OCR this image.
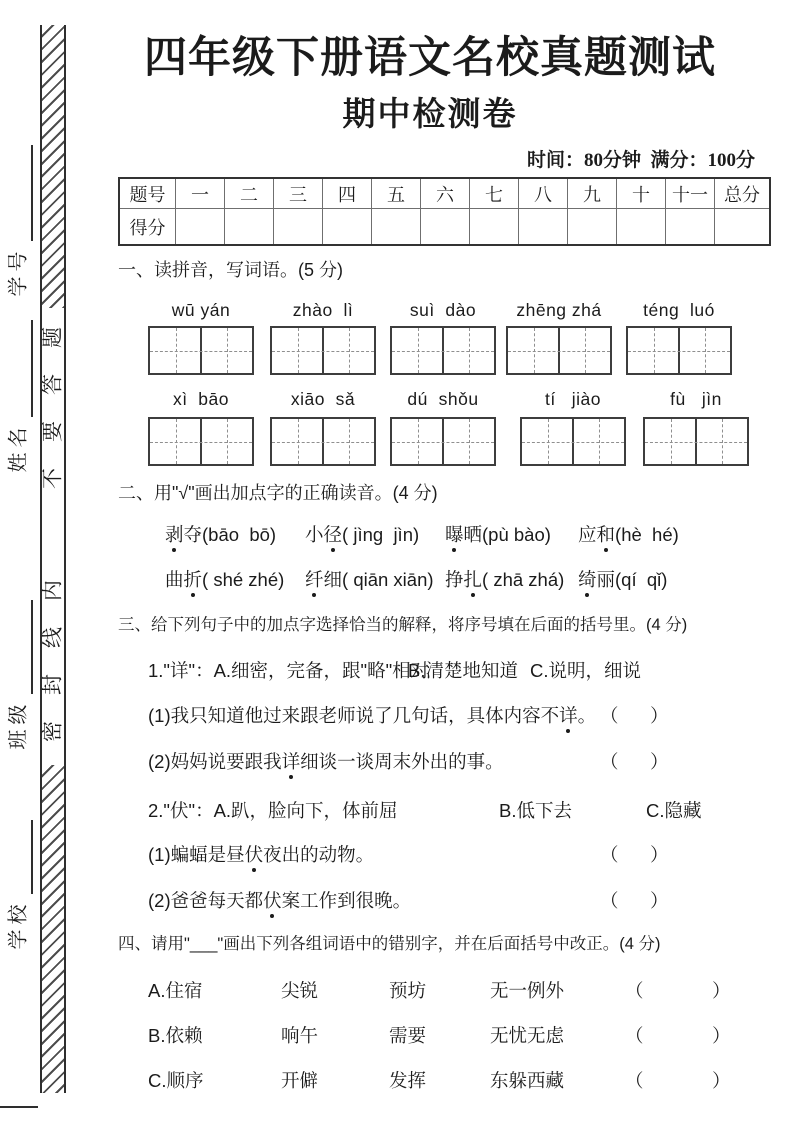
题
答
要
不
内
线
封
密
号
学
名
姓
级
班
校
学
四年级下册语文名校真题测试
期中检测卷
时间：80分钟  满分：100分
题号	一	二	三	四	五	六	七	八	九	十	十一	总分
得分												
一、读拼音，写词语。(5 分)
wū yán	zhào  lì	suì  dào	zhēng zhá	téng  luó
xì  bāo	xiāo  sǎ	dú  shǒu	tí   jiào	fù   jìn
二、用"√"画出加点字的正确读音。(4 分)
剥夺(bāo  bō) 小径( jìng  jìn) 曝晒(pù bào) 应和(hè  hé)
曲折( shé zhé) 纤细( qiān xiān) 挣扎( zhā zhá) 绮丽(qí  qǐ)
三、给下列句子中的加点字选择恰当的解释，将序号填在后面的括号里。(4 分)
1."详"：A.细密，完备，跟"略"相对
B.清楚地知道 C.说明，细说
(1)我只知道他过来跟老师说了几句话，具体内容不详。 （ ）
(2)妈妈说要跟我详细谈一谈周末外出的事。	（ ）
2."伏"：A.趴，脸向下，体前屈	B.低下去	C.隐藏
(1)蝙蝠是昼伏夜出的动物。	（ ）
(2)爸爸每天都伏案工作到很晚。	（ ）
四、请用"___"画出下列各组词语中的错别字，并在后面括号中改正。(4 分)
A.住宿	尖锐	预坊	无一例外	（	）
B.依赖	响午	需要	无忧无虑	（	）
C.顺序	开僻	发挥	东躲西藏	（	）
